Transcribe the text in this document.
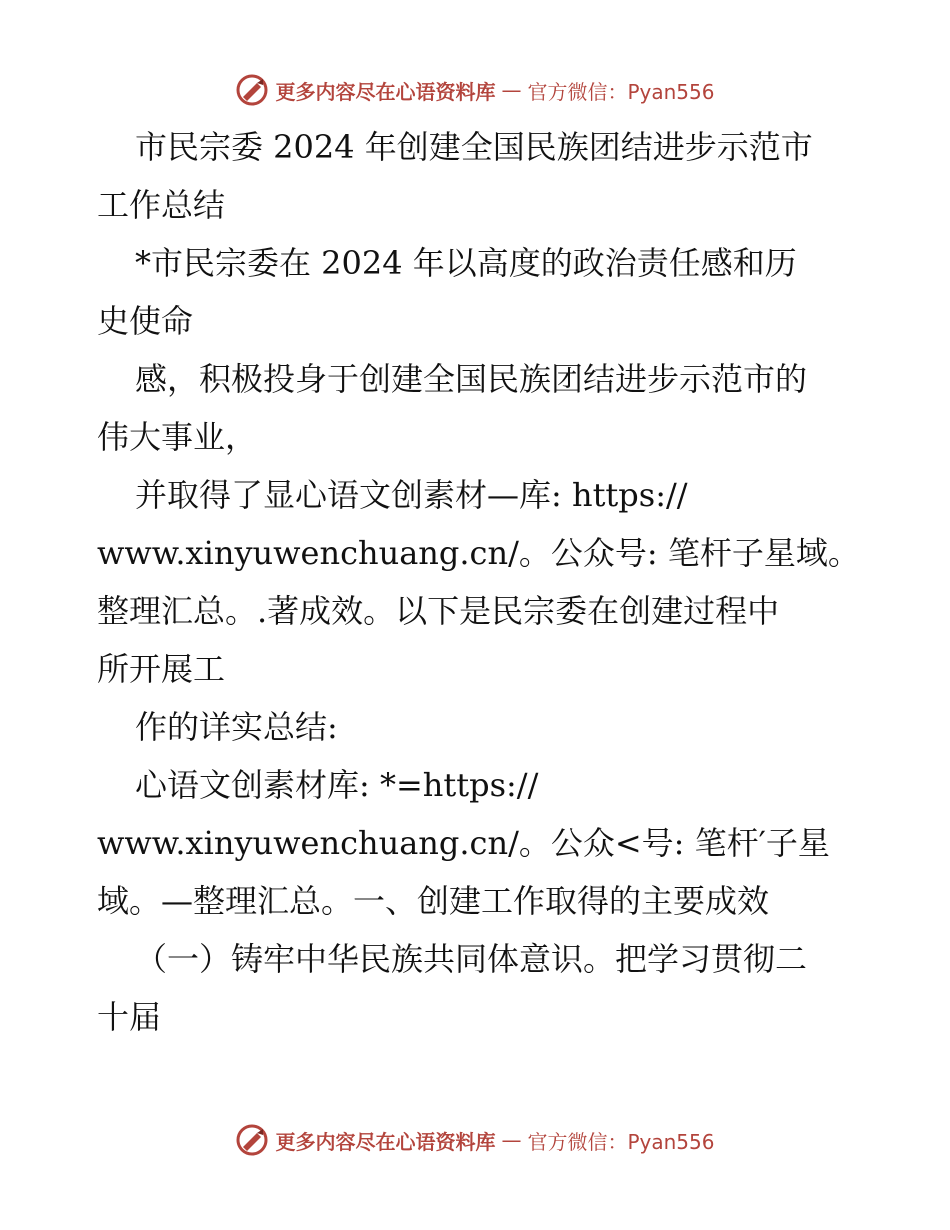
更多内容尽在心语资料库 — 官方微信：Pyan556
市民宗委 2024 年创建全国民族团结进步示范市
工作总结
*市民宗委在 2024 年以高度的政治责任感和历
史使命
感，积极投身于创建全国民族团结进步示范市的
伟大事业，
并取得了显心语文创素材—库: https://
www.xinyuwenchuang.cn/。公众号: 笔杆子星域。
整理汇总。.著成效。以下是民宗委在创建过程中
所开展工
作的详实总结:
心语文创素材库: *=https://
www.xinyuwenchuang.cn/。公众<号: 笔杆′子星
域。—整理汇总。一、创建工作取得的主要成效
（一）铸牢中华民族共同体意识。把学习贯彻二
十届
更多内容尽在心语资料库 — 官方微信：Pyan556
